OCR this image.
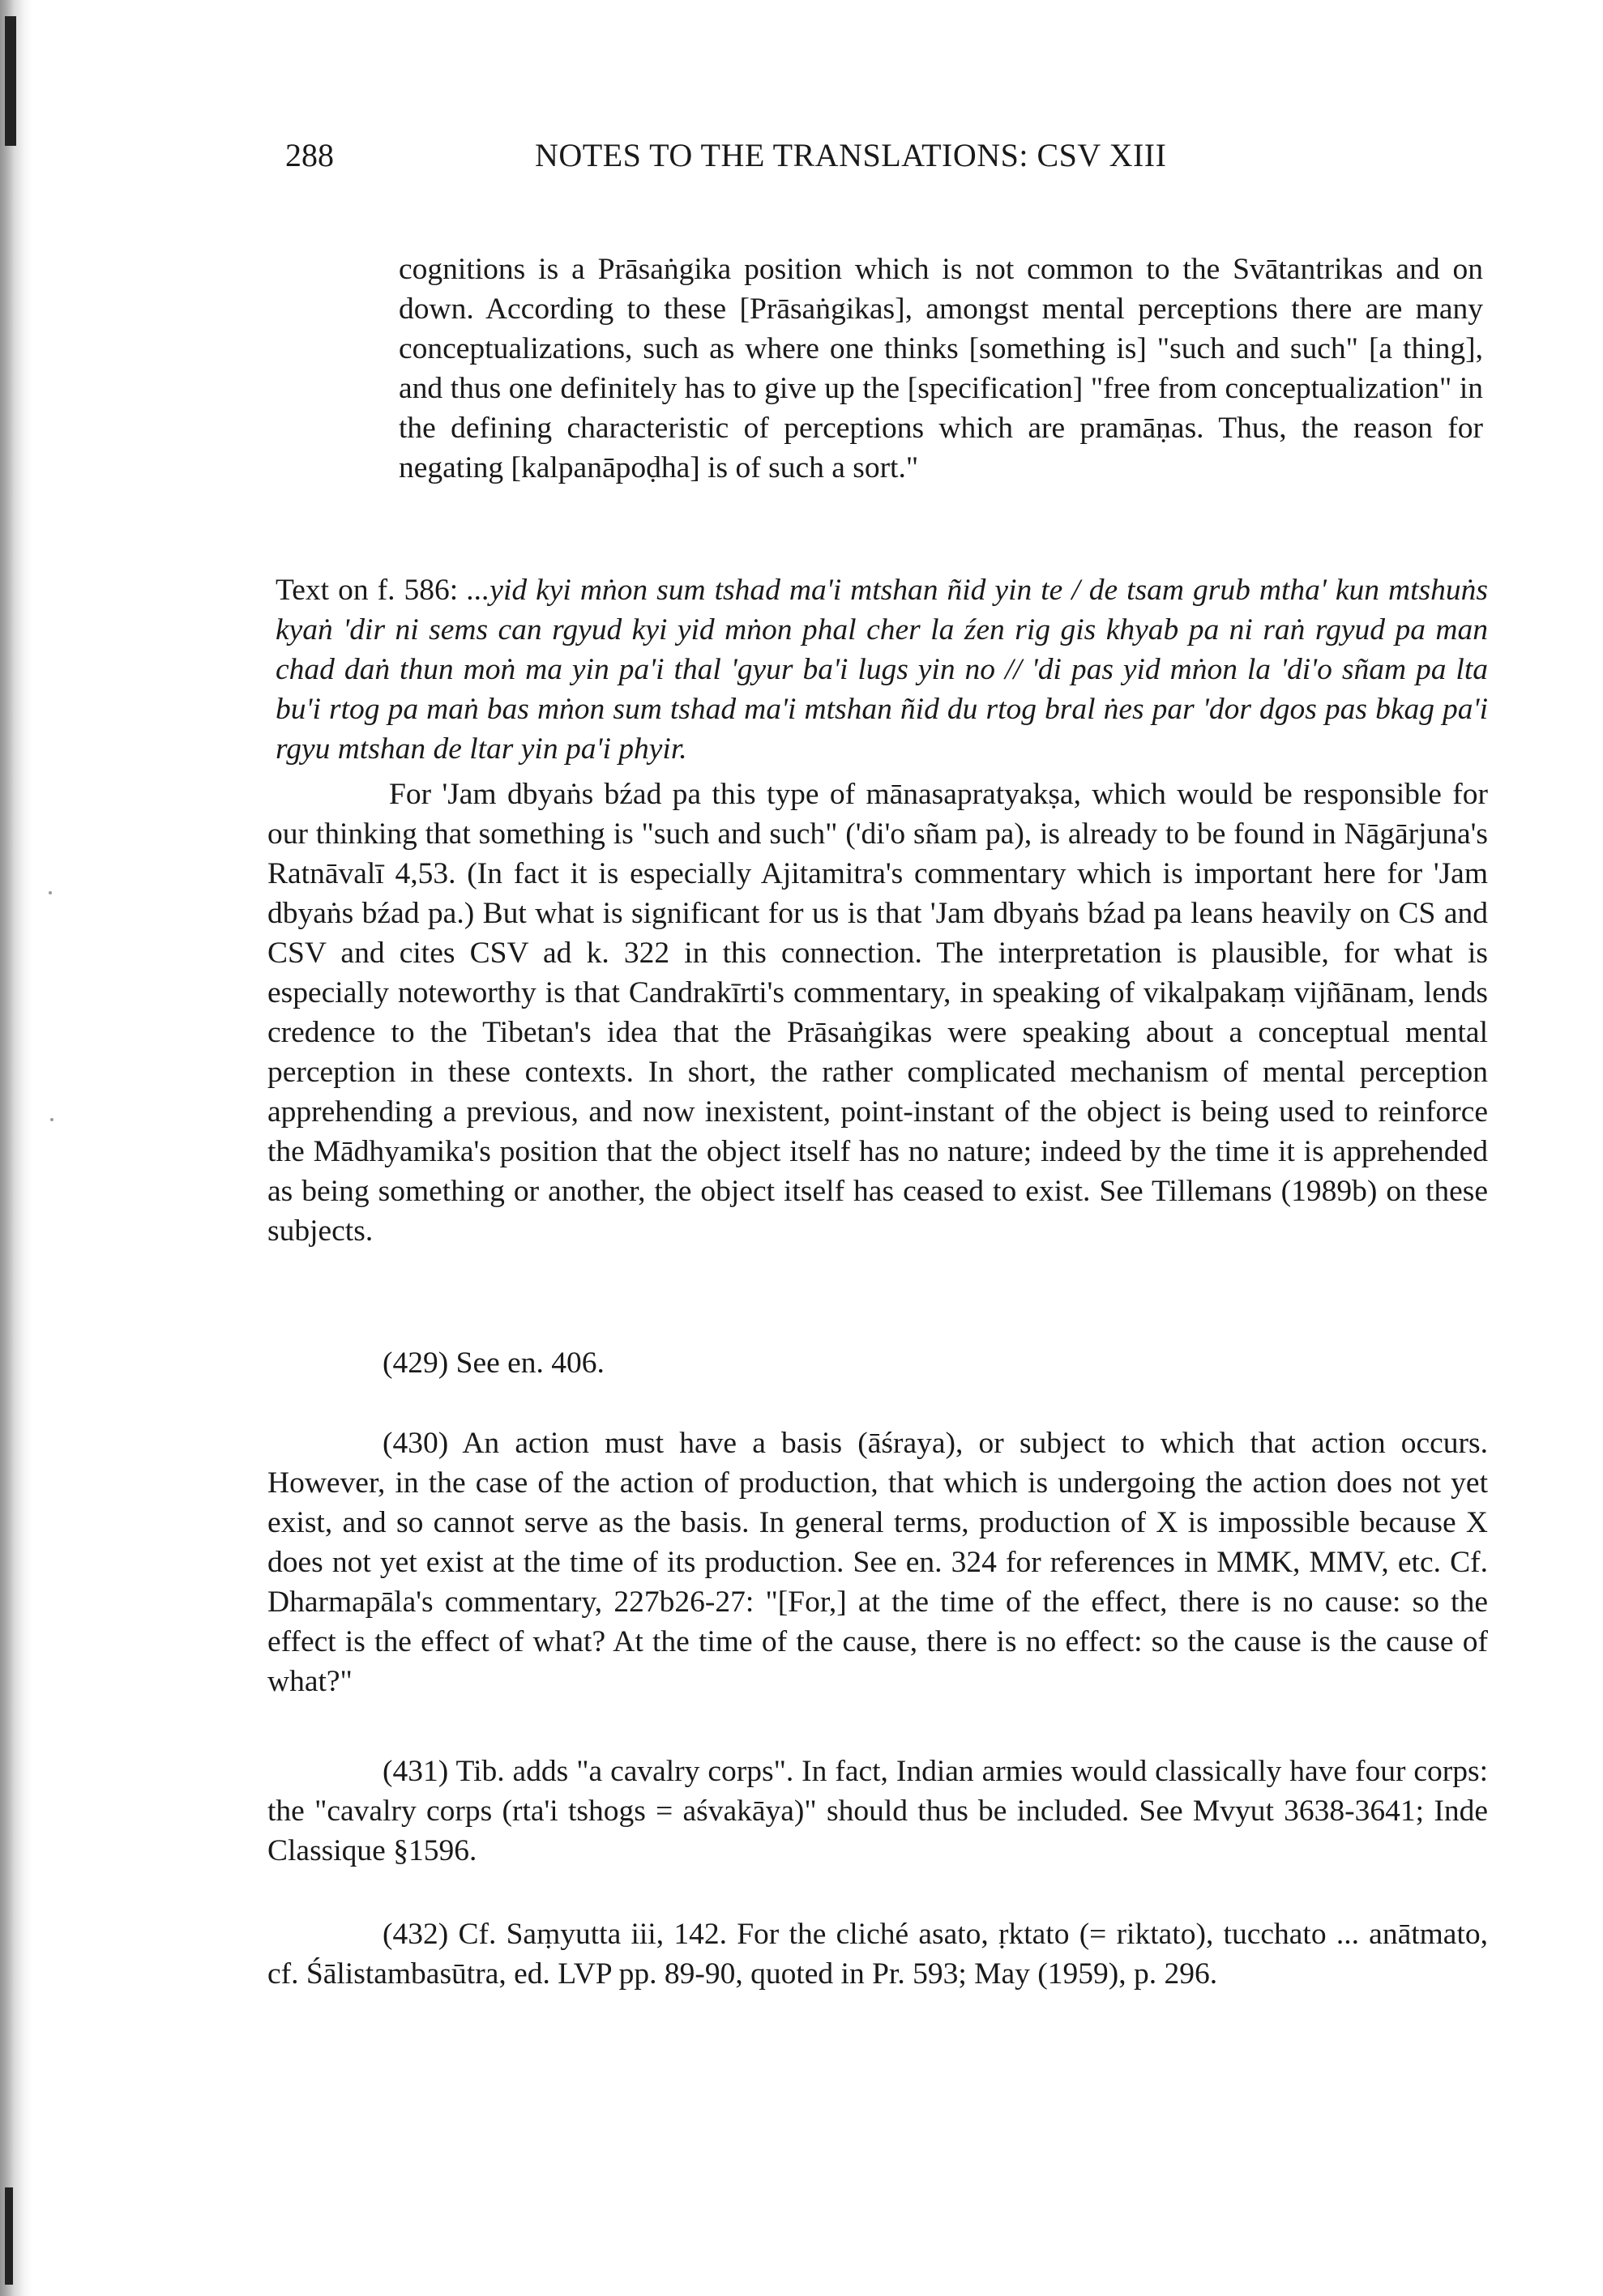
288	NOTES TO THE TRANSLATIONS: CSV XIII

cognitions is a Prāsaṅgika position which is not common to the Svātantrikas and on down. According to these [Prāsaṅgikas], amongst mental perceptions there are many conceptualizations, such as where one thinks [something is] "such and such" [a thing], and thus one definitely has to give up the [specification] "free from conceptualization" in the defining characteristic of perceptions which are pramāṇas. Thus, the reason for negating [kalpanāpoḍha] is of such a sort."

Text on f. 586: ...yid kyi mṅon sum tshad ma'i mtshan ñid yin te / de tsam grub mtha' kun mtshuṅs kyaṅ 'dir ni sems can rgyud kyi yid mṅon phal cher la źen rig gis khyab pa ni raṅ rgyud pa man chad daṅ thun moṅ ma yin pa'i thal 'gyur ba'i lugs yin no // 'di pas yid mṅon la 'di'o sñam pa lta bu'i rtog pa maṅ bas mṅon sum tshad ma'i mtshan ñid du rtog bral ṅes par 'dor dgos pas bkag pa'i rgyu mtshan de ltar yin pa'i phyir.

For 'Jam dbyaṅs bźad pa this type of mānasapratyakṣa, which would be responsible for our thinking that something is "such and such" ('di'o sñam pa), is already to be found in Nāgārjuna's Ratnāvalī 4,53. (In fact it is especially Ajitamitra's commentary which is important here for 'Jam dbyaṅs bźad pa.) But what is significant for us is that 'Jam dbyaṅs bźad pa leans heavily on CS and CSV and cites CSV ad k. 322 in this connection. The interpretation is plausible, for what is especially noteworthy is that Candrakīrti's commentary, in speaking of vikalpakaṃ vijñānam, lends credence to the Tibetan's idea that the Prāsaṅgikas were speaking about a conceptual mental perception in these contexts. In short, the rather complicated mechanism of mental perception apprehending a previous, and now inexistent, point-instant of the object is being used to reinforce the Mādhyamika's position that the object itself has no nature; indeed by the time it is apprehended as being something or another, the object itself has ceased to exist. See Tillemans (1989b) on these subjects.

(429) See en. 406.

(430) An action must have a basis (āśraya), or subject to which that action occurs. However, in the case of the action of production, that which is undergoing the action does not yet exist, and so cannot serve as the basis. In general terms, production of X is impossible because X does not yet exist at the time of its production. See en. 324 for references in MMK, MMV, etc. Cf. Dharmapāla's commentary, 227b26-27: "[For,] at the time of the effect, there is no cause: so the effect is the effect of what? At the time of the cause, there is no effect: so the cause is the cause of what?"

(431) Tib. adds "a cavalry corps". In fact, Indian armies would classically have four corps: the "cavalry corps (rta'i tshogs = aśvakāya)" should thus be included. See Mvyut 3638-3641; Inde Classique §1596.

(432) Cf. Saṃyutta iii, 142. For the cliché asato, ṛktato (= riktato), tucchato ... anātmato, cf. Śālistambasūtra, ed. LVP pp. 89-90, quoted in Pr. 593; May (1959), p. 296.
